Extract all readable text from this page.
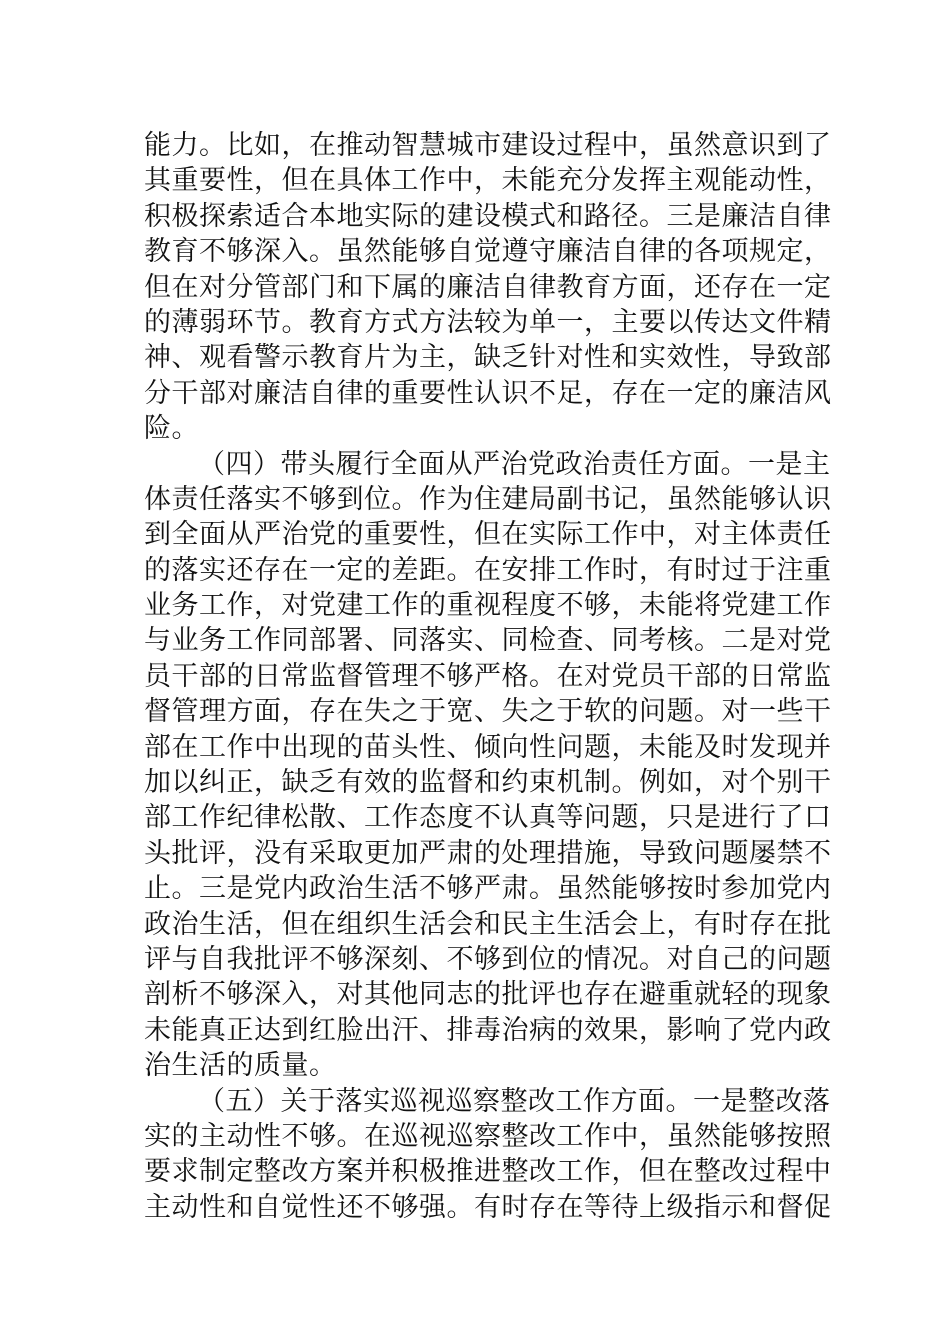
能力。比如，在推动智慧城市建设过程中，虽然意识到了
其重要性，但在具体工作中，未能充分发挥主观能动性，
积极探索适合本地实际的建设模式和路径。三是廉洁自律
教育不够深入。虽然能够自觉遵守廉洁自律的各项规定，
但在对分管部门和下属的廉洁自律教育方面，还存在一定
的薄弱环节。教育方式方法较为单一，主要以传达文件精
神、观看警示教育片为主，缺乏针对性和实效性，导致部
分干部对廉洁自律的重要性认识不足，存在一定的廉洁风
险。
（四）带头履行全面从严治党政治责任方面。一是主
体责任落实不够到位。作为住建局副书记，虽然能够认识
到全面从严治党的重要性，但在实际工作中，对主体责任
的落实还存在一定的差距。在安排工作时，有时过于注重
业务工作，对党建工作的重视程度不够，未能将党建工作
与业务工作同部署、同落实、同检查、同考核。二是对党
员干部的日常监督管理不够严格。在对党员干部的日常监
督管理方面，存在失之于宽、失之于软的问题。对一些干
部在工作中出现的苗头性、倾向性问题，未能及时发现并
加以纠正，缺乏有效的监督和约束机制。例如，对个别干
部工作纪律松散、工作态度不认真等问题，只是进行了口
头批评，没有采取更加严肃的处理措施，导致问题屡禁不
止。三是党内政治生活不够严肃。虽然能够按时参加党内
政治生活，但在组织生活会和民主生活会上，有时存在批
评与自我批评不够深刻、不够到位的情况。对自己的问题
剖析不够深入，对其他同志的批评也存在避重就轻的现象
未能真正达到红脸出汗、排毒治病的效果，影响了党内政
治生活的质量。
（五）关于落实巡视巡察整改工作方面。一是整改落
实的主动性不够。在巡视巡察整改工作中，虽然能够按照
要求制定整改方案并积极推进整改工作，但在整改过程中
主动性和自觉性还不够强。有时存在等待上级指示和督促
